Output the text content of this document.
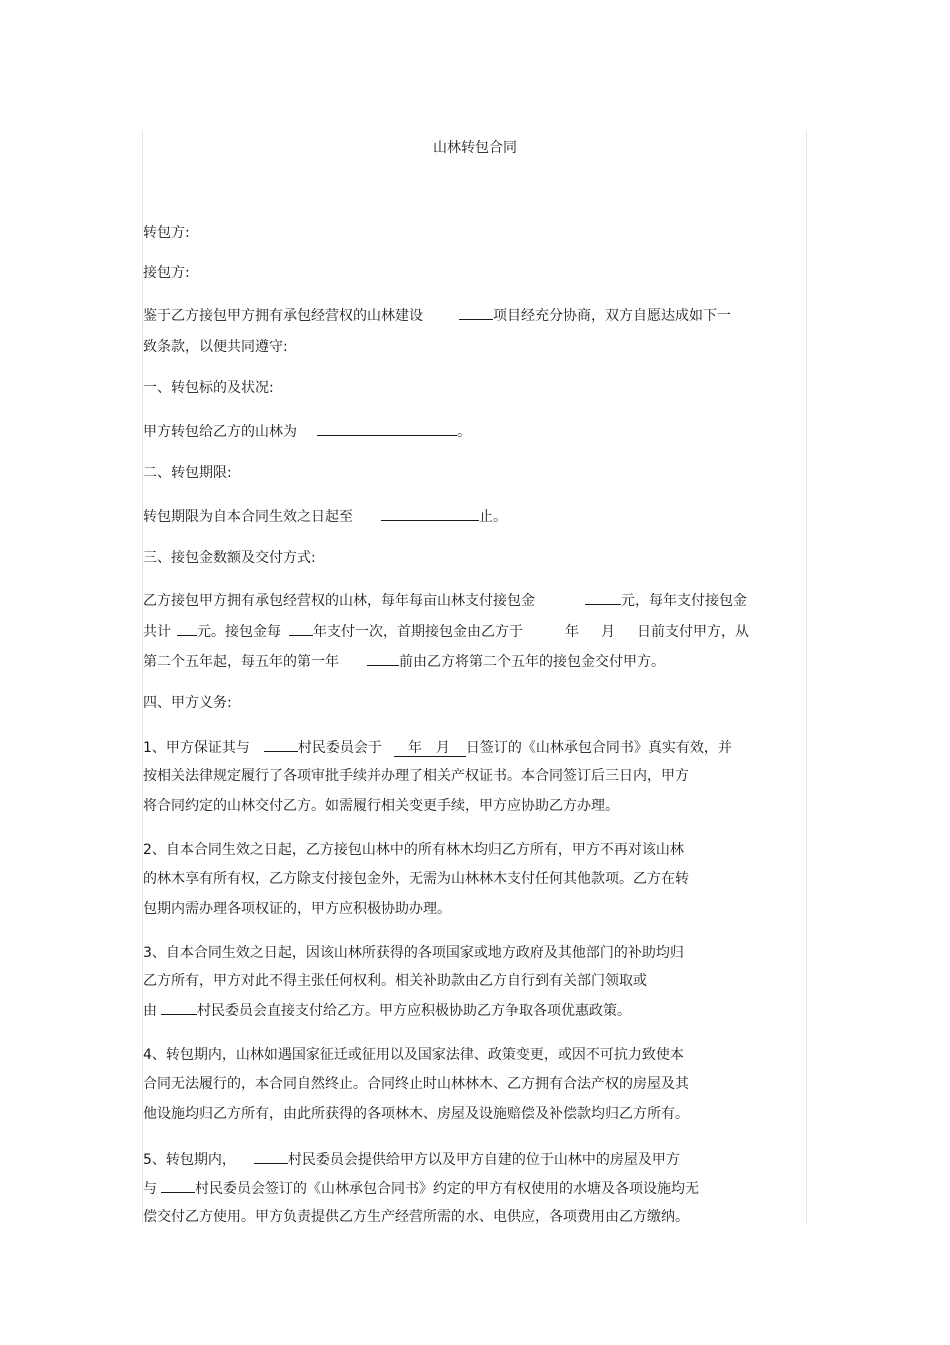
山林转包合同
转包方:
接包方:
鉴于乙方接包甲方拥有承包经营权的山林建设	项目经充分协商，双方自愿达成如下一
致条款，以便共同遵守:
一、转包标的及状况:
甲方转包给乙方的山林为	。
二、转包期限:
转包期限为自本合同生效之日起至	止。
三、接包金数额及交付方式:
乙方接包甲方拥有承包经营权的山林，每年每亩山林支付接包金	元，每年支付接包金
共计 元。接包金每 年支付一次，首期接包金由乙方于	年 月 日前支付甲方，从
第二个五年起，每五年的第一年	前由乙方将第二个五年的接包金交付甲方。
四、甲方义务:
1、甲方保证其与	村民委员会于 年 月 日签订的《山林承包合同书》真实有效，并
按相关法律规定履行了各项审批手续并办理了相关产权证书。本合同签订后三日内，甲方
将合同约定的山林交付乙方。如需履行相关变更手续，甲方应协助乙方办理。
2、自本合同生效之日起，乙方接包山林中的所有林木均归乙方所有，甲方不再对该山林
的林木享有所有权，乙方除支付接包金外，无需为山林林木支付任何其他款项。乙方在转
包期内需办理各项权证的，甲方应积极协助办理。
3、自本合同生效之日起，因该山林所获得的各项国家或地方政府及其他部门的补助均归
乙方所有，甲方对此不得主张任何权利。相关补助款由乙方自行到有关部门领取或
由	村民委员会直接支付给乙方。甲方应积极协助乙方争取各项优惠政策。
4、转包期内，山林如遇国家征迁或征用以及国家法律、政策变更，或因不可抗力致使本
合同无法履行的，本合同自然终止。合同终止时山林林木、乙方拥有合法产权的房屋及其
他设施均归乙方所有，由此所获得的各项林木、房屋及设施赔偿及补偿款均归乙方所有。
5、转包期内，	村民委员会提供给甲方以及甲方自建的位于山林中的房屋及甲方
与	村民委员会签订的《山林承包合同书》约定的甲方有权使用的水塘及各项设施均无
偿交付乙方使用。甲方负责提供乙方生产经营所需的水、电供应，各项费用由乙方缴纳。
